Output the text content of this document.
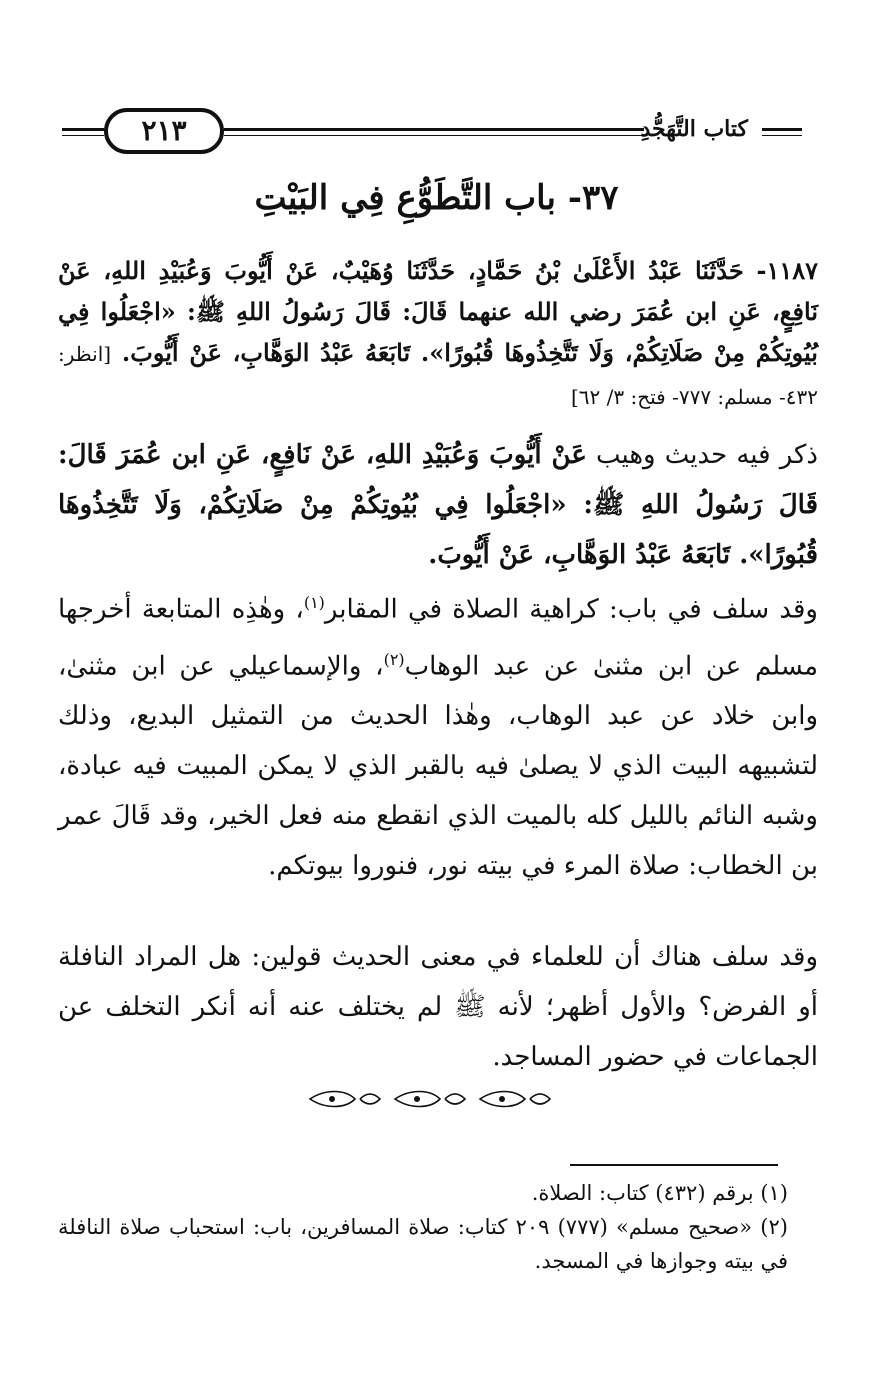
٢١٣	كتاب التَّهَجُّدِ
٣٧- باب التَّطَوُّعِ فِي البَيْتِ
١١٨٧- حَدَّثَنَا عَبْدُ الأَعْلَىٰ بْنُ حَمَّادٍ، حَدَّثَنَا وُهَيْبٌ، عَنْ أَيُّوبَ وَعُبَيْدِ اللهِ، عَنْ نَافِعٍ، عَنِ ابن عُمَرَ رضي الله عنهما قَالَ: قَالَ رَسُولُ اللهِ ﷺ: «اجْعَلُوا فِي بُيُوتِكُمْ مِنْ صَلَاتِكُمْ، وَلَا تَتَّخِذُوهَا قُبُورًا». تَابَعَهُ عَبْدُ الوَهَّابِ، عَنْ أَيُّوبَ. [انظر: ٤٣٢- مسلم: ٧٧٧- فتح: ٣/ ٦٢]
ذكر فيه حديث وهيب عَنْ أَيُّوبَ وَعُبَيْدِ اللهِ، عَنْ نَافِعٍ، عَنِ ابن عُمَرَ قَالَ: قَالَ رَسُولُ اللهِ ﷺ: «اجْعَلُوا فِي بُيُوتِكُمْ مِنْ صَلَاتِكُمْ، وَلَا تَتَّخِذُوهَا قُبُورًا». تَابَعَهُ عَبْدُ الوَهَّابِ، عَنْ أَيُّوبَ.
وقد سلف في باب: كراهية الصلاة في المقابر$^{(١)}$، وهٰذِه المتابعة أخرجها مسلم عن ابن مثنىٰ عن عبد الوهاب$^{(٢)}$، والإسماعيلي عن ابن مثنىٰ، وابن خلاد عن عبد الوهاب، وهٰذا الحديث من التمثيل البديع، وذلك لتشبيهه البيت الذي لا يصلىٰ فيه بالقبر الذي لا يمكن المبيت فيه عبادة، وشبه النائم بالليل كله بالميت الذي انقطع منه فعل الخير، وقد قَالَ عمر بن الخطاب: صلاة المرء في بيته نور، فنوروا بيوتكم.
وقد سلف هناك أن للعلماء في معنى الحديث قولين: هل المراد النافلة أو الفرض؟ والأول أظهر؛ لأنه ﷺ لم يختلف عنه أنه أنكر التخلف عن الجماعات في حضور المساجد.

(١) برقم (٤٣٢) كتاب: الصلاة.

(٢) «صحيح مسلم» (٧٧٧) ٢٠٩ كتاب: صلاة المسافرين، باب: استحباب صلاة النافلة في بيته وجوازها في المسجد.
